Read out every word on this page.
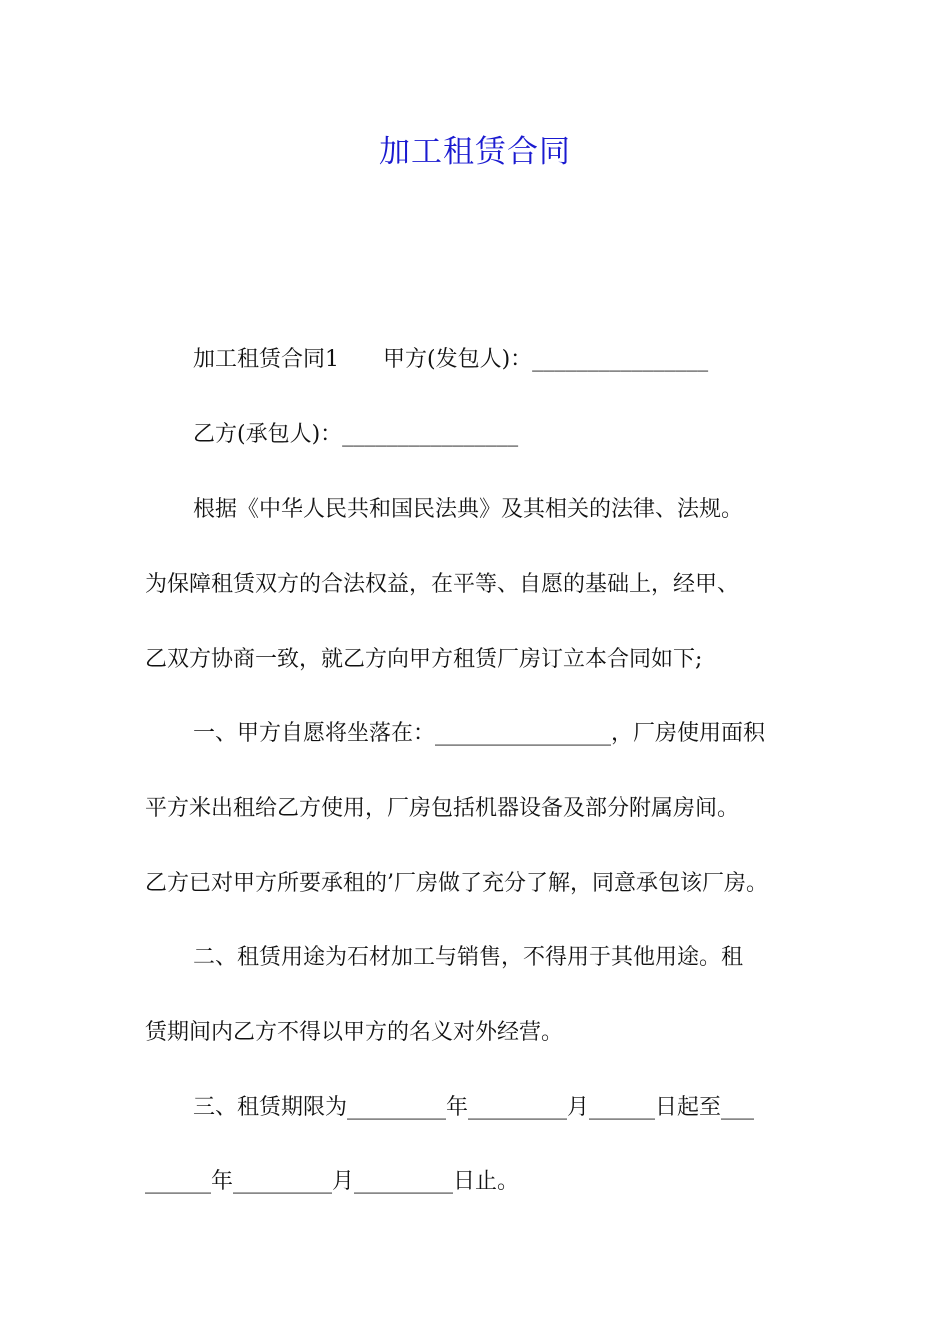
加工租赁合同
加工租赁合同1　　甲方(发包人)：________________
乙方(承包人)：________________
根据《中华人民共和国民法典》及其相关的法律、法规。
为保障租赁双方的合法权益，在平等、自愿的基础上，经甲、
乙双方协商一致，就乙方向甲方租赁厂房订立本合同如下;
一、甲方自愿将坐落在：________________，厂房使用面积
平方米出租给乙方使用，厂房包括机器设备及部分附属房间。
乙方已对甲方所要承租的’厂房做了充分了解，同意承包该厂房。
二、租赁用途为石材加工与销售，不得用于其他用途。租
赁期间内乙方不得以甲方的名义对外经营。
三、租赁期限为_________年_________月______日起至___
______年_________月_________日止。
